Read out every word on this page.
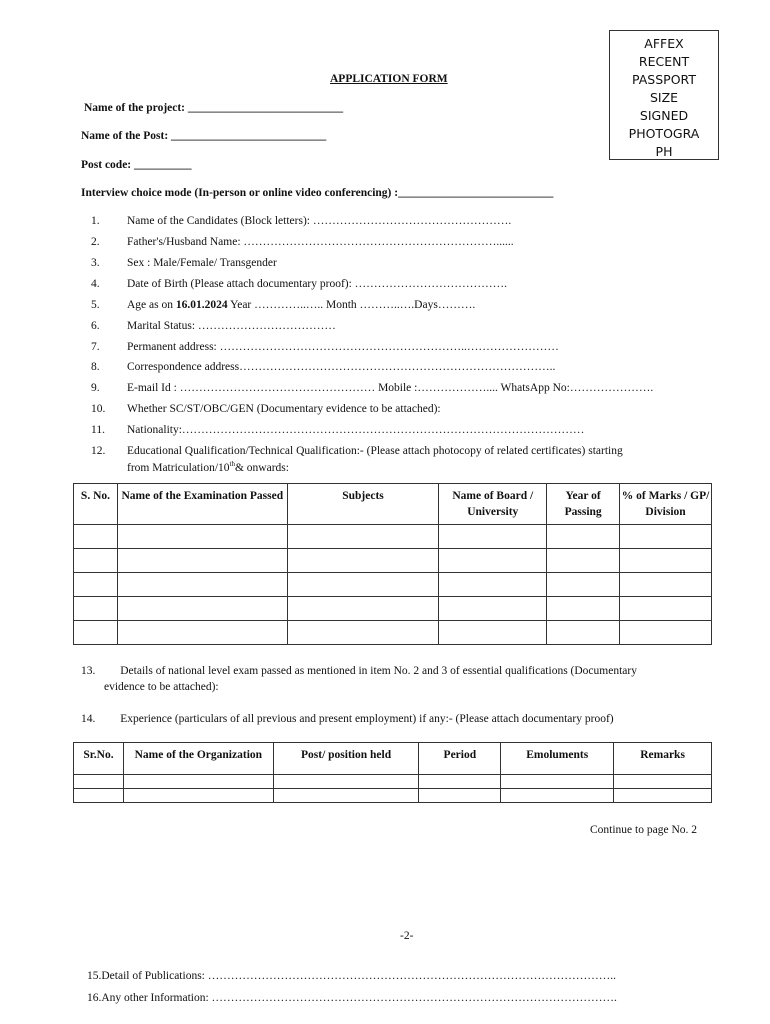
AFFEX
RECENT
PASSPORT
SIZE
SIGNED
PHOTOGRA
PH
APPLICATION FORM
Name of the project: ___________________________
Name of the Post: ___________________________
Post code: __________
Interview choice mode (In-person or online video conferencing) :___________________________
1.	Name of the Candidates (Block letters): …………………………………………….
2.	Father's/Husband Name: …………………………………………………………......
3.	Sex : Male/Female/ Transgender
4.	Date of Birth (Please attach documentary proof): ………………………………….
5.	Age as on 16.01.2024 Year …………..….. Month ………..….Days……….
6.	Marital Status: ………………………………
7.	Permanent address: ………………………………………………………..……………………
8.	Correspondence address………………………………………………………………………..
9.	E-mail Id : …………………………………………… Mobile :……………….... WhatsApp No:………………….
10.	Whether SC/ST/OBC/GEN (Documentary evidence to be attached):
11.	Nationality:……………………………………………………………………………………………
12.	Educational Qualification/Technical Qualification:- (Please attach photocopy of related certificates) starting
from Matriculation/10th& onwards:
S. No.	Name of the Examination Passed	Subjects	Name of Board / University	Year of Passing	% of Marks / GP/ Division

13. Details of national level exam passed as mentioned in item No. 2 and 3 of essential qualifications (Documentary
evidence to be attached):
14. Experience (particulars of all previous and present employment) if any:- (Please attach documentary proof)
Sr.No.	Name of the Organization	Post/ position held	Period	Emoluments	Remarks

Continue to page No. 2
-2-
15.Detail of Publications: ……………………………………………………………………………………………..
16.Any other Information: …………………………………………………………………………………………….
